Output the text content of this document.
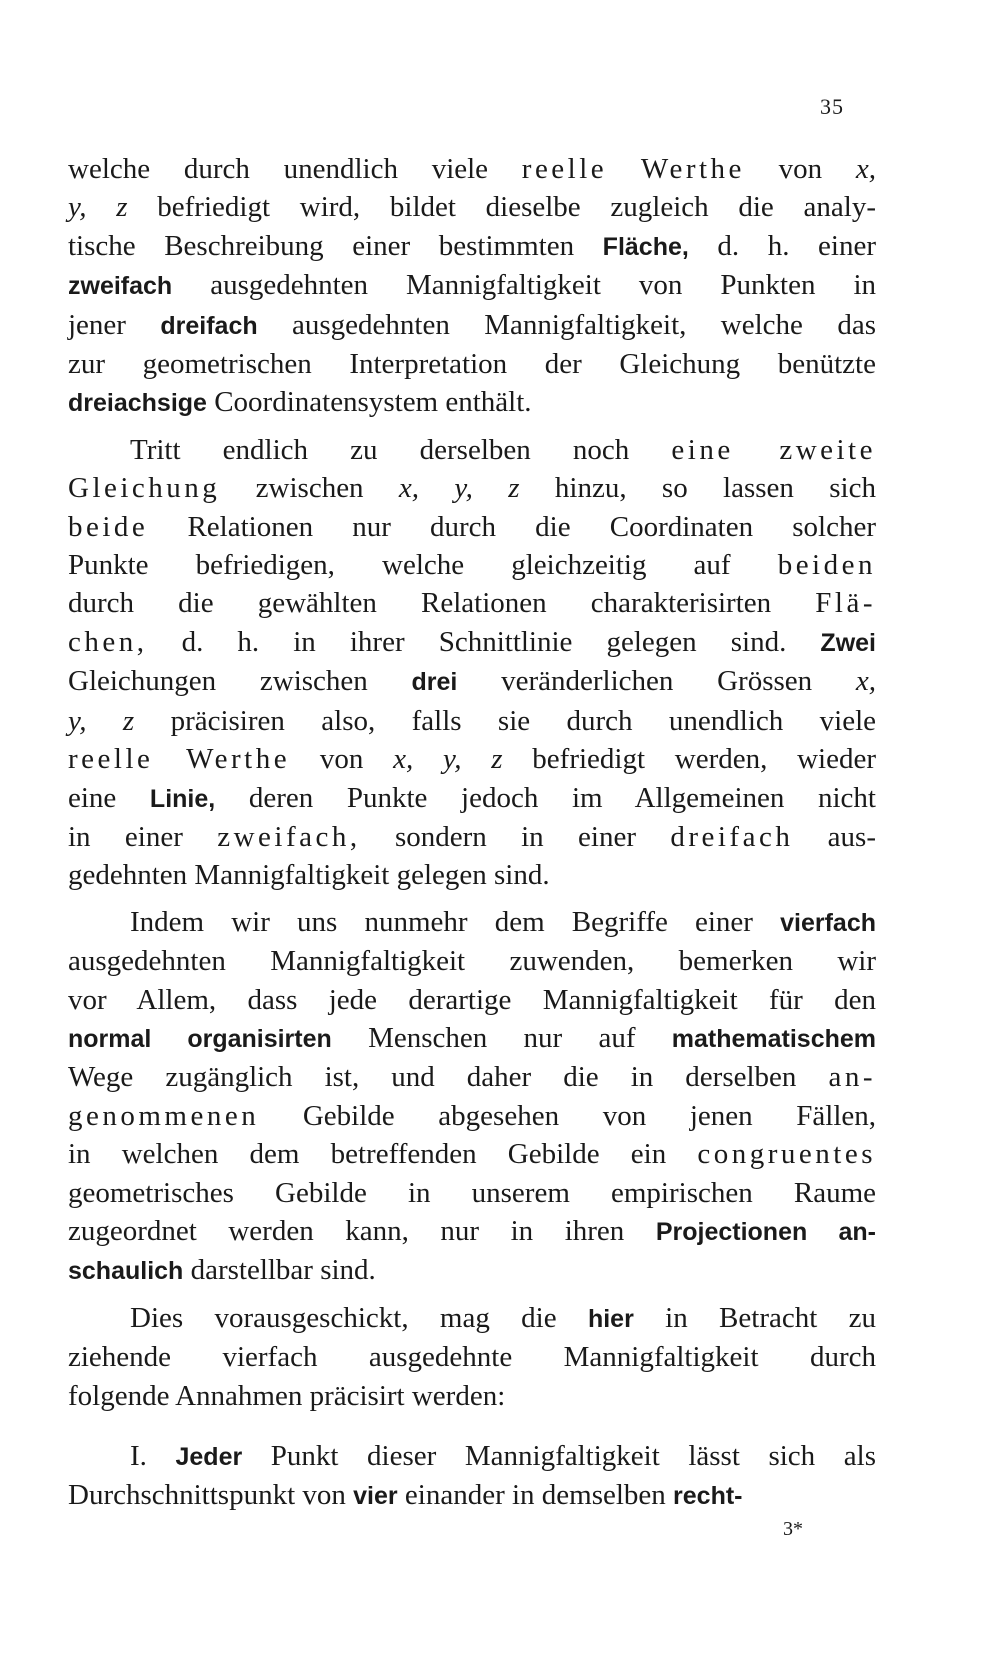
35
welche durch unendlich viele reelle Werthe von x,
y, z befriedigt wird, bildet dieselbe zugleich die analy-
tische Beschreibung einer bestimmten Fläche, d. h. einer
zweifach ausgedehnten Mannigfaltigkeit von Punkten in
jener dreifach ausgedehnten Mannigfaltigkeit, welche das
zur geometrischen Interpretation der Gleichung benützte
dreiachsige Coordinatensystem enthält.
Tritt endlich zu derselben noch eine zweite
Gleichung zwischen x, y, z hinzu, so lassen sich
beide Relationen nur durch die Coordinaten solcher
Punkte befriedigen, welche gleichzeitig auf beiden
durch die gewählten Relationen charakterisirten Flä-
chen, d. h. in ihrer Schnittlinie gelegen sind. Zwei
Gleichungen zwischen drei veränderlichen Grössen x,
y, z präcisiren also, falls sie durch unendlich viele
reelle Werthe von x, y, z befriedigt werden, wieder
eine Linie, deren Punkte jedoch im Allgemeinen nicht
in einer zweifach, sondern in einer dreifach aus-
gedehnten Mannigfaltigkeit gelegen sind.
Indem wir uns nunmehr dem Begriffe einer vierfach
ausgedehnten Mannigfaltigkeit zuwenden, bemerken wir
vor Allem, dass jede derartige Mannigfaltigkeit für den
normal organisirten Menschen nur auf mathematischem
Wege zugänglich ist, und daher die in derselben an-
genommenen Gebilde abgesehen von jenen Fällen,
in welchen dem betreffenden Gebilde ein congruentes
geometrisches Gebilde in unserem empirischen Raume
zugeordnet werden kann, nur in ihren Projectionen an-
schaulich darstellbar sind.
Dies vorausgeschickt, mag die hier in Betracht zu
ziehende vierfach ausgedehnte Mannigfaltigkeit durch
folgende Annahmen präcisirt werden:
I. Jeder Punkt dieser Mannigfaltigkeit lässt sich als
Durchschnittspunkt von vier einander in demselben recht-
3*
